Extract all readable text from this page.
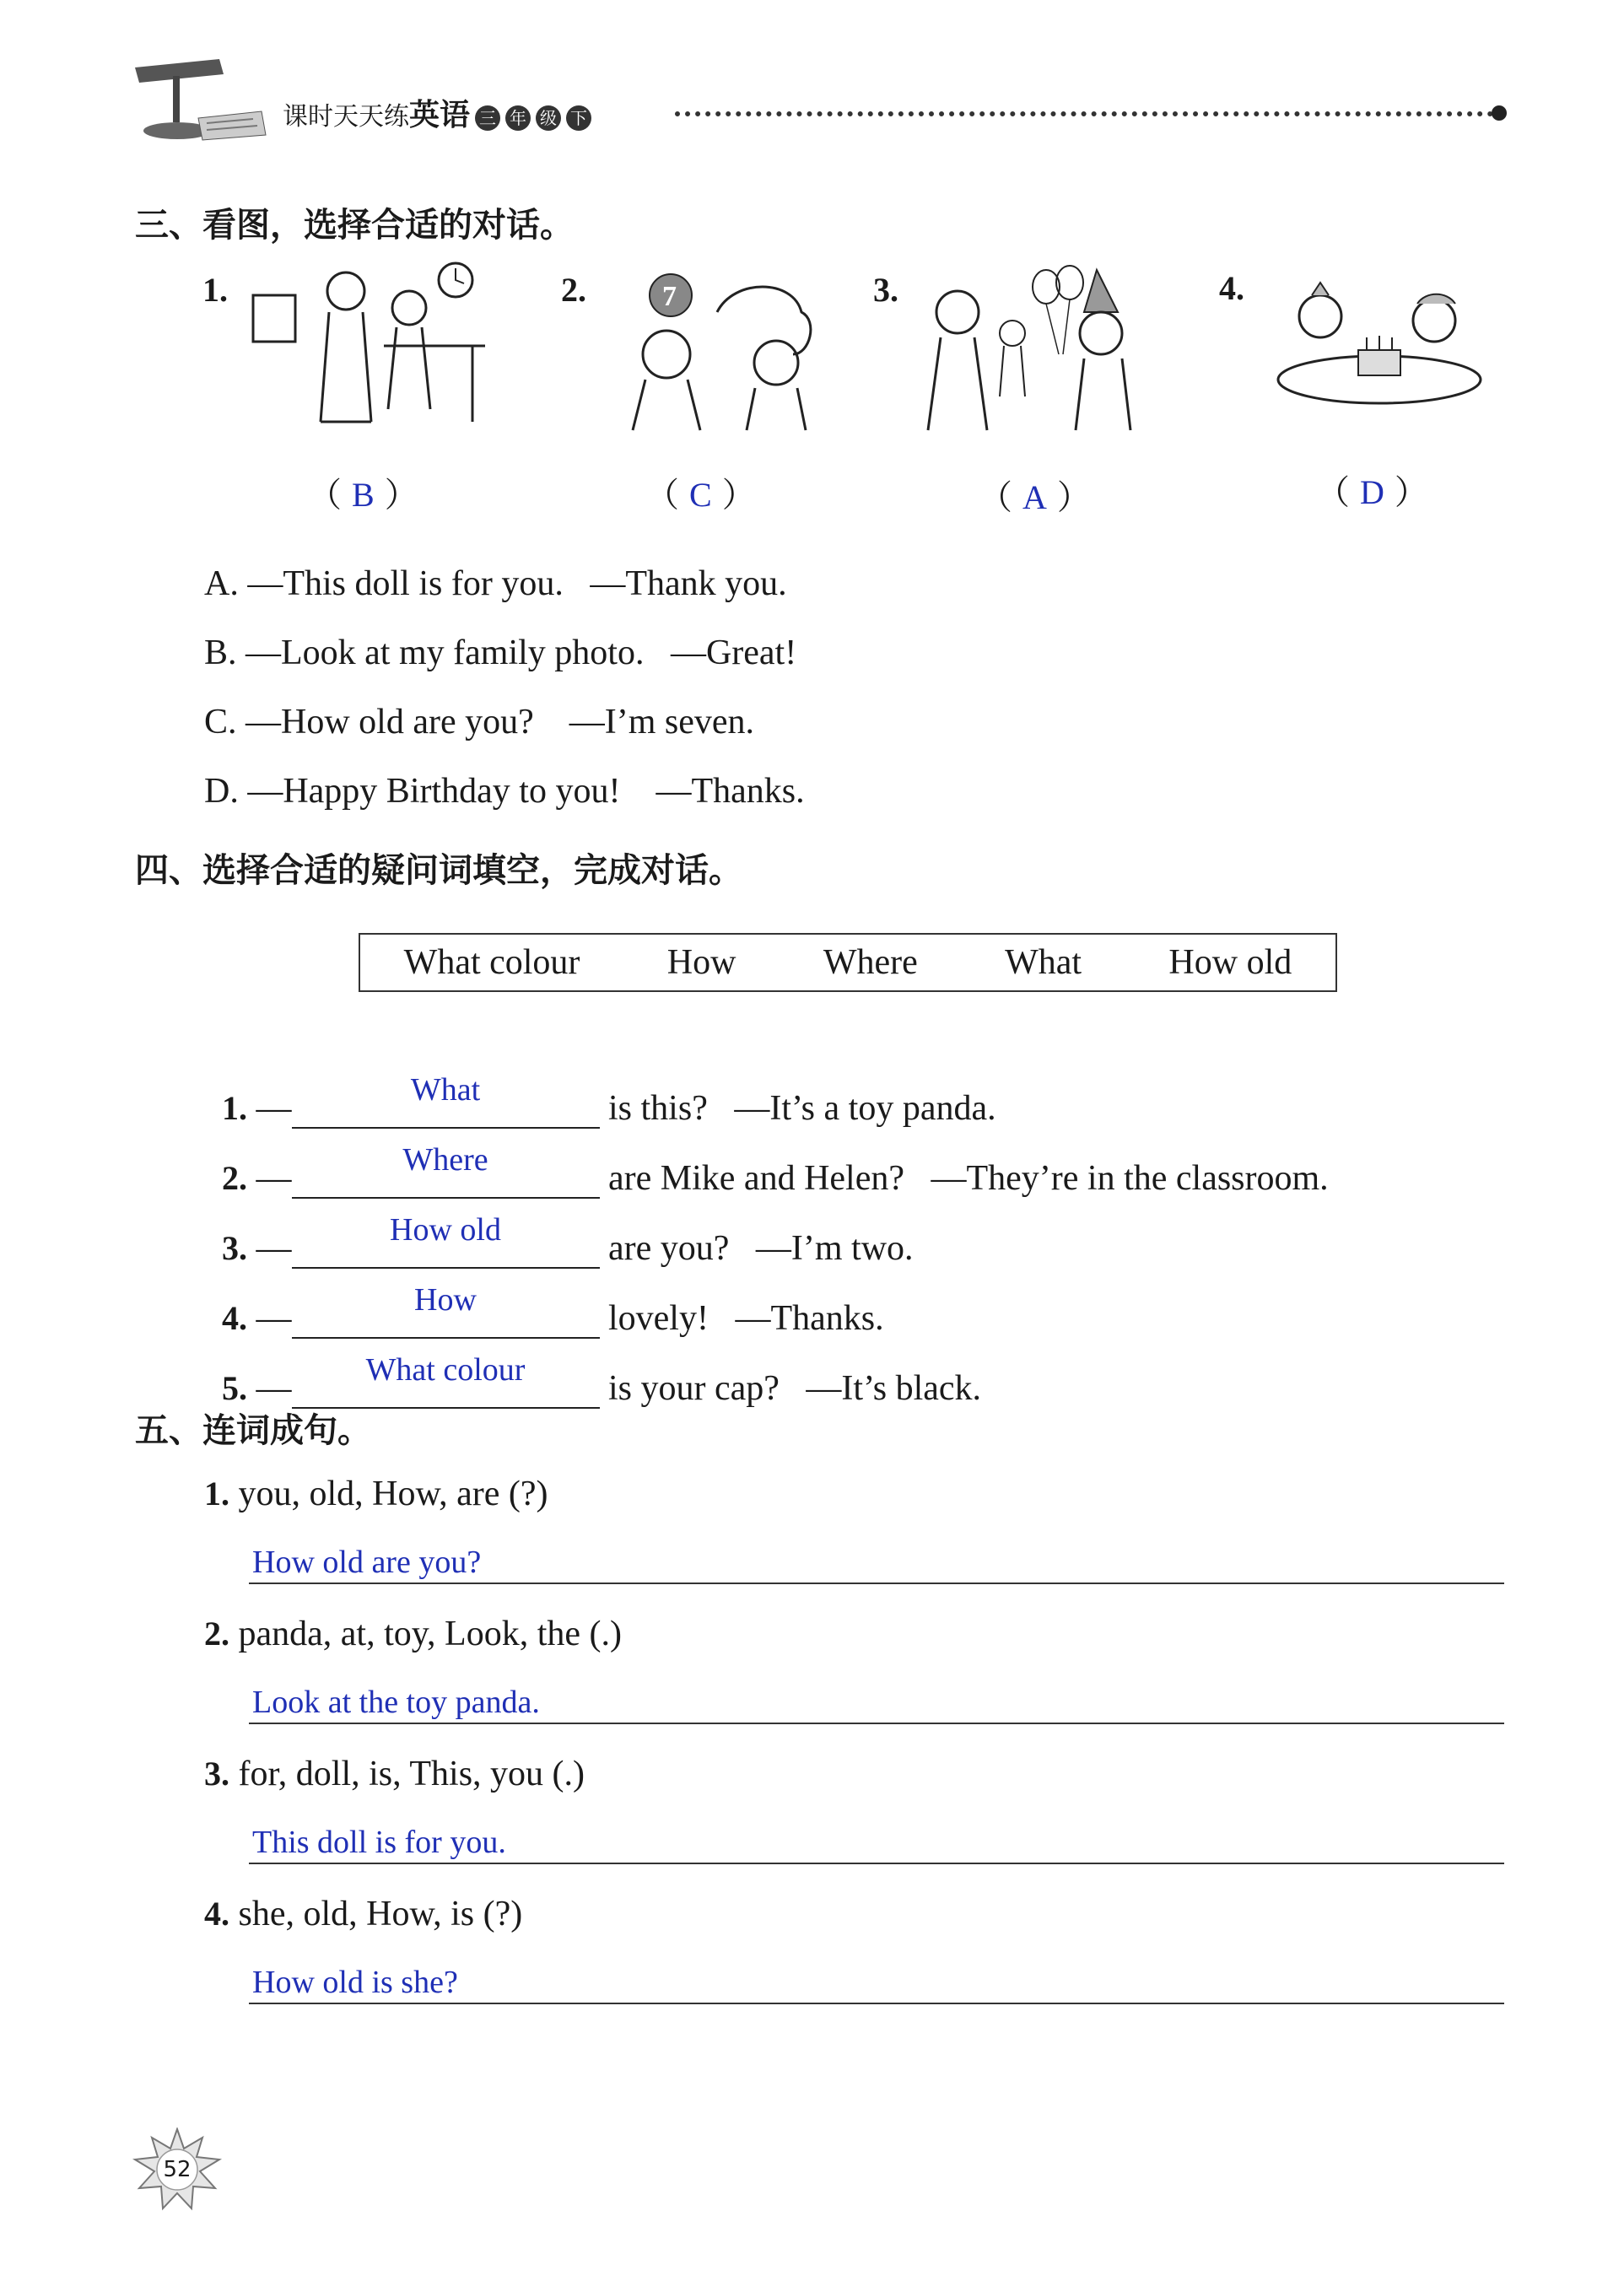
课时天天练英语 三 年 级 下
三、看图，选择合适的对话。
1.
（ B ）
2.	7
（ C ）
3.
（ A ）
4.
（ D ）
A. —This doll is for you.   —Thank you.
B. —Look at my family photo.   —Great!
C. —How old are you?    —I’m seven.
D. —Happy Birthday to you!    —Thanks.
四、选择合适的疑问词填空，完成对话。
What colour How Where What How old

1. —	What	is this?   —It’s a toy panda.

2. —	Where	are Mike and Helen?   —They’re in the classroom.

3. —	How old	are you?   —I’m two.

4. —	How	lovely!   —Thanks.

5. —	What colour	is your cap?   —It’s black.

五、连词成句。
1. you, old, How, are (?)
How old are you?
2. panda, at, toy, Look, the (.)
Look at the toy panda.
3. for, doll, is, This, you (.)
This doll is for you.
4. she, old, How, is (?)
How old is she?
52
